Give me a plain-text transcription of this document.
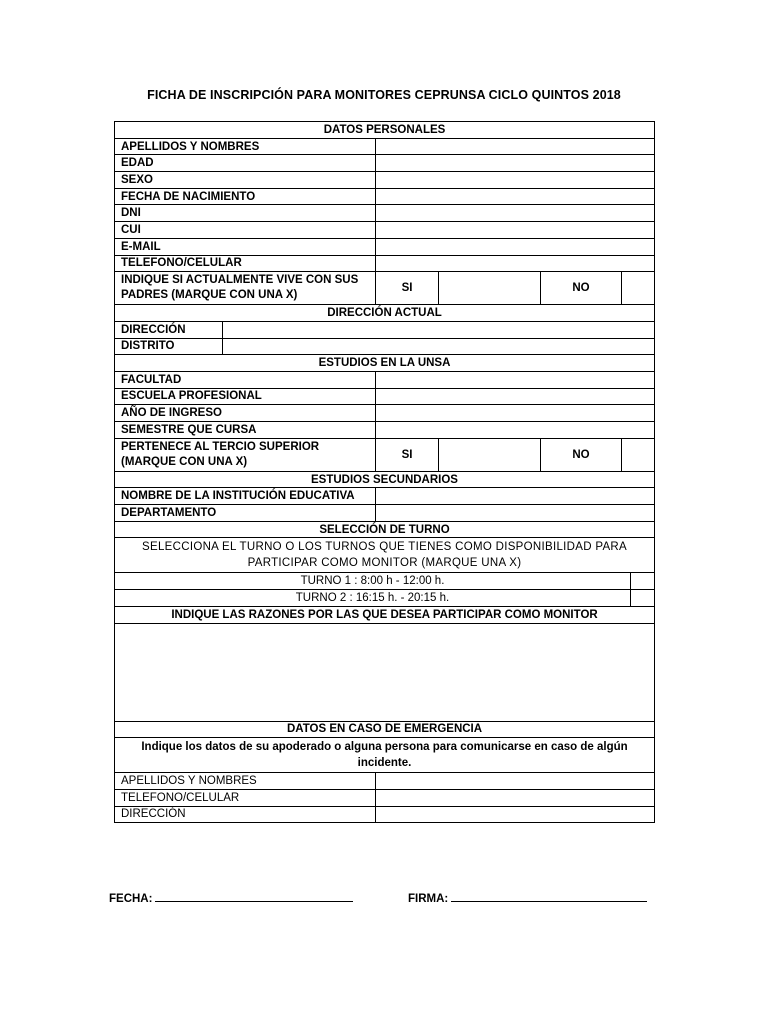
FICHA DE INSCRIPCIÓN PARA MONITORES CEPRUNSA CICLO QUINTOS 2018
DATOS PERSONALES						
APELLIDOS Y NOMBRES						
EDAD						
SEXO						
FECHA DE NACIMIENTO						
DNI						
CUI						
E-MAIL						
TELEFONO/CELULAR						
INDIQUE SI ACTUALMENTE VIVE CON SUS PADRES (MARQUE CON UNA X)		SI		NO		
DIRECCIÓN ACTUAL						
DIRECCIÓN						
DISTRITO						
ESTUDIOS EN LA UNSA						
FACULTAD						
ESCUELA PROFESIONAL						
AÑO DE INGRESO						
SEMESTRE QUE CURSA						
PERTENECE AL TERCIO SUPERIOR (MARQUE CON UNA X)		SI		NO		
ESTUDIOS SECUNDARIOS						
NOMBRE DE LA INSTITUCIÓN EDUCATIVA						
DEPARTAMENTO						
SELECCIÓN DE TURNO						
SELECCIONA EL TURNO O LOS TURNOS QUE TIENES COMO DISPONIBILIDAD PARA PARTICIPAR COMO MONITOR (MARQUE UNA X)						
TURNO 1 : 8:00 h - 12:00 h.						
TURNO 2 : 16:15 h. - 20:15 h.						
INDIQUE LAS RAZONES POR LAS QUE DESEA PARTICIPAR COMO MONITOR						

DATOS EN CASO DE EMERGENCIA						
Indique los datos de su apoderado o alguna persona para comunicarse en caso de algún incidente.						
APELLIDOS Y NOMBRES						
TELEFONO/CELULAR						
DIRECCIÓN						
FECHA:	FIRMA:
